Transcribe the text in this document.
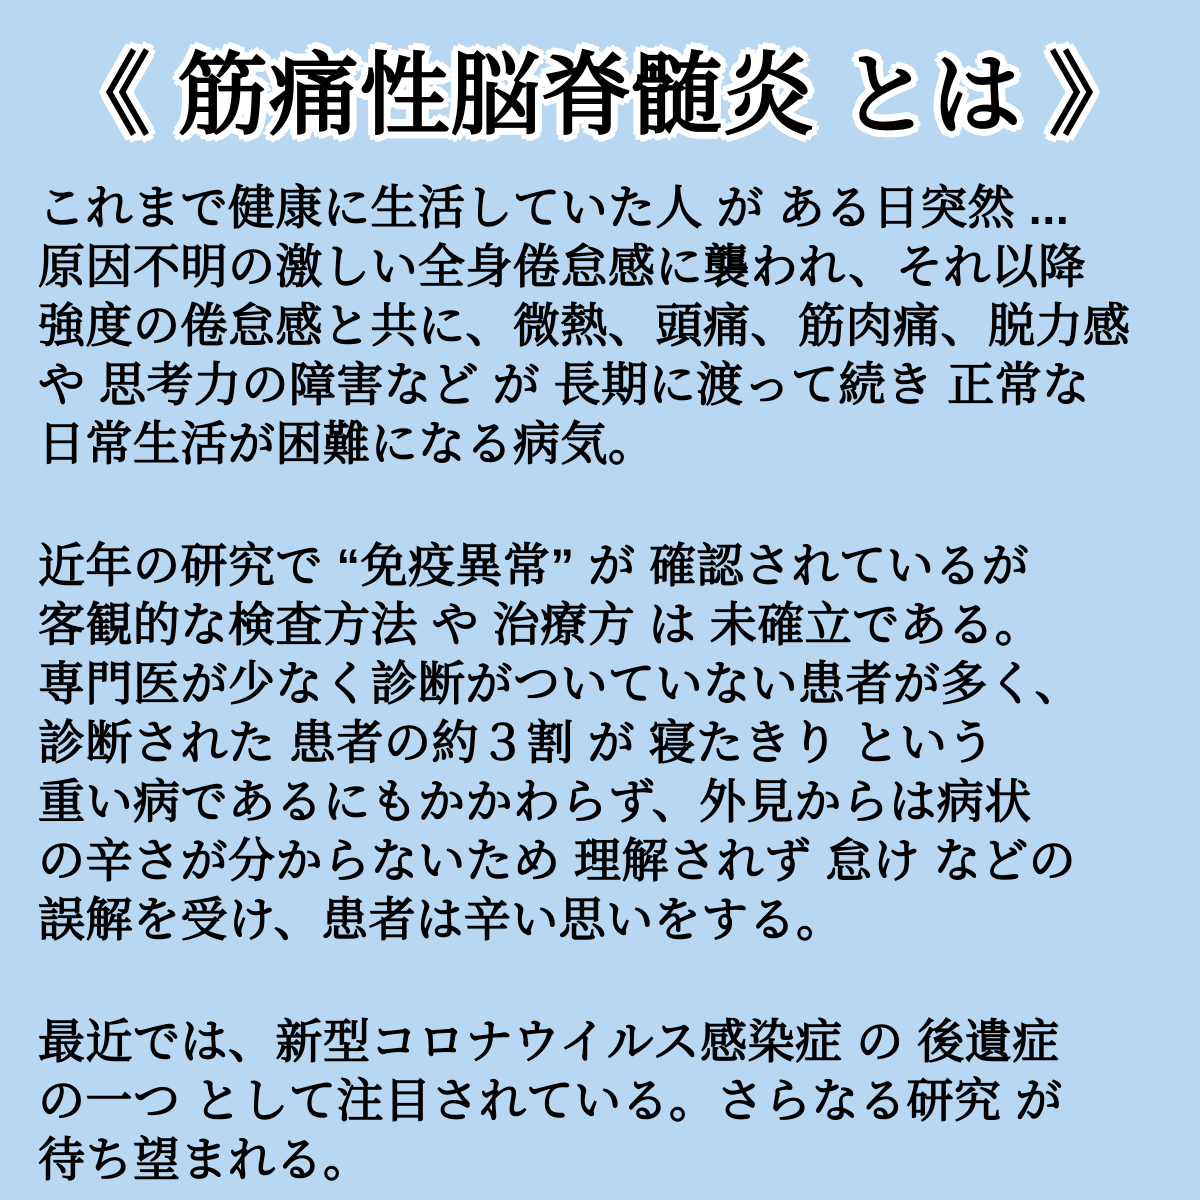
《 筋痛性脳脊髄炎 とは 》
これまで健康に生活していた人 が ある日突然 ...
原因不明の激しい全身倦怠感に襲われ、それ以降
強度の倦怠感と共に、微熱、頭痛、筋肉痛、脱力感
や 思考力の障害など が 長期に渡って続き 正常な
日常生活が困難になる病気。
近年の研究で “免疫異常” が 確認されているが
客観的な検査方法 や 治療方 は 未確立である。
専門医が少なく診断がついていない患者が多く、
診断された 患者の約３割 が 寝たきり という
重い病であるにもかかわらず、外見からは病状
の辛さが分からないため 理解されず 怠け などの
誤解を受け、患者は辛い思いをする。
最近では、新型コロナウイルス感染症 の 後遺症
の一つ として注目されている。さらなる研究 が
待ち望まれる。
